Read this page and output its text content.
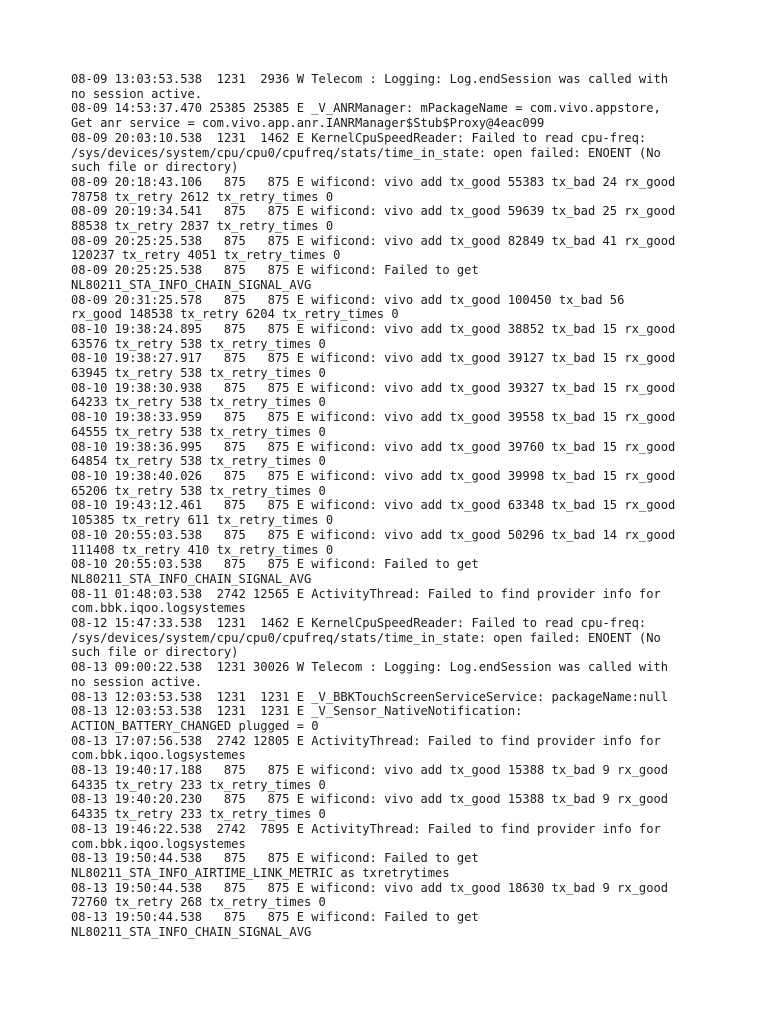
08-09 13:03:53.538  1231  2936 W Telecom : Logging: Log.endSession was called with
no session active.
08-09 14:53:37.470 25385 25385 E _V_ANRManager: mPackageName = com.vivo.appstore,
Get anr service = com.vivo.app.anr.IANRManager$Stub$Proxy@4eac099
08-09 20:03:10.538  1231  1462 E KernelCpuSpeedReader: Failed to read cpu-freq:
/sys/devices/system/cpu/cpu0/cpufreq/stats/time_in_state: open failed: ENOENT (No
such file or directory)
08-09 20:18:43.106   875   875 E wificond: vivo add tx_good 55383 tx_bad 24 rx_good
78758 tx_retry 2612 tx_retry_times 0
08-09 20:19:34.541   875   875 E wificond: vivo add tx_good 59639 tx_bad 25 rx_good
88538 tx_retry 2837 tx_retry_times 0
08-09 20:25:25.538   875   875 E wificond: vivo add tx_good 82849 tx_bad 41 rx_good
120237 tx_retry 4051 tx_retry_times 0
08-09 20:25:25.538   875   875 E wificond: Failed to get
NL80211_STA_INFO_CHAIN_SIGNAL_AVG
08-09 20:31:25.578   875   875 E wificond: vivo add tx_good 100450 tx_bad 56
rx_good 148538 tx_retry 6204 tx_retry_times 0
08-10 19:38:24.895   875   875 E wificond: vivo add tx_good 38852 tx_bad 15 rx_good
63576 tx_retry 538 tx_retry_times 0
08-10 19:38:27.917   875   875 E wificond: vivo add tx_good 39127 tx_bad 15 rx_good
63945 tx_retry 538 tx_retry_times 0
08-10 19:38:30.938   875   875 E wificond: vivo add tx_good 39327 tx_bad 15 rx_good
64233 tx_retry 538 tx_retry_times 0
08-10 19:38:33.959   875   875 E wificond: vivo add tx_good 39558 tx_bad 15 rx_good
64555 tx_retry 538 tx_retry_times 0
08-10 19:38:36.995   875   875 E wificond: vivo add tx_good 39760 tx_bad 15 rx_good
64854 tx_retry 538 tx_retry_times 0
08-10 19:38:40.026   875   875 E wificond: vivo add tx_good 39998 tx_bad 15 rx_good
65206 tx_retry 538 tx_retry_times 0
08-10 19:43:12.461   875   875 E wificond: vivo add tx_good 63348 tx_bad 15 rx_good
105385 tx_retry 611 tx_retry_times 0
08-10 20:55:03.538   875   875 E wificond: vivo add tx_good 50296 tx_bad 14 rx_good
111408 tx_retry 410 tx_retry_times 0
08-10 20:55:03.538   875   875 E wificond: Failed to get
NL80211_STA_INFO_CHAIN_SIGNAL_AVG
08-11 01:48:03.538  2742 12565 E ActivityThread: Failed to find provider info for
com.bbk.iqoo.logsystemes
08-12 15:47:33.538  1231  1462 E KernelCpuSpeedReader: Failed to read cpu-freq:
/sys/devices/system/cpu/cpu0/cpufreq/stats/time_in_state: open failed: ENOENT (No
such file or directory)
08-13 09:00:22.538  1231 30026 W Telecom : Logging: Log.endSession was called with
no session active.
08-13 12:03:53.538  1231  1231 E _V_BBKTouchScreenServiceService: packageName:null
08-13 12:03:53.538  1231  1231 E _V_Sensor_NativeNotification:
ACTION_BATTERY_CHANGED plugged = 0
08-13 17:07:56.538  2742 12805 E ActivityThread: Failed to find provider info for
com.bbk.iqoo.logsystemes
08-13 19:40:17.188   875   875 E wificond: vivo add tx_good 15388 tx_bad 9 rx_good
64335 tx_retry 233 tx_retry_times 0
08-13 19:40:20.230   875   875 E wificond: vivo add tx_good 15388 tx_bad 9 rx_good
64335 tx_retry 233 tx_retry_times 0
08-13 19:46:22.538  2742  7895 E ActivityThread: Failed to find provider info for
com.bbk.iqoo.logsystemes
08-13 19:50:44.538   875   875 E wificond: Failed to get
NL80211_STA_INFO_AIRTIME_LINK_METRIC as txretrytimes
08-13 19:50:44.538   875   875 E wificond: vivo add tx_good 18630 tx_bad 9 rx_good
72760 tx_retry 268 tx_retry_times 0
08-13 19:50:44.538   875   875 E wificond: Failed to get
NL80211_STA_INFO_CHAIN_SIGNAL_AVG
